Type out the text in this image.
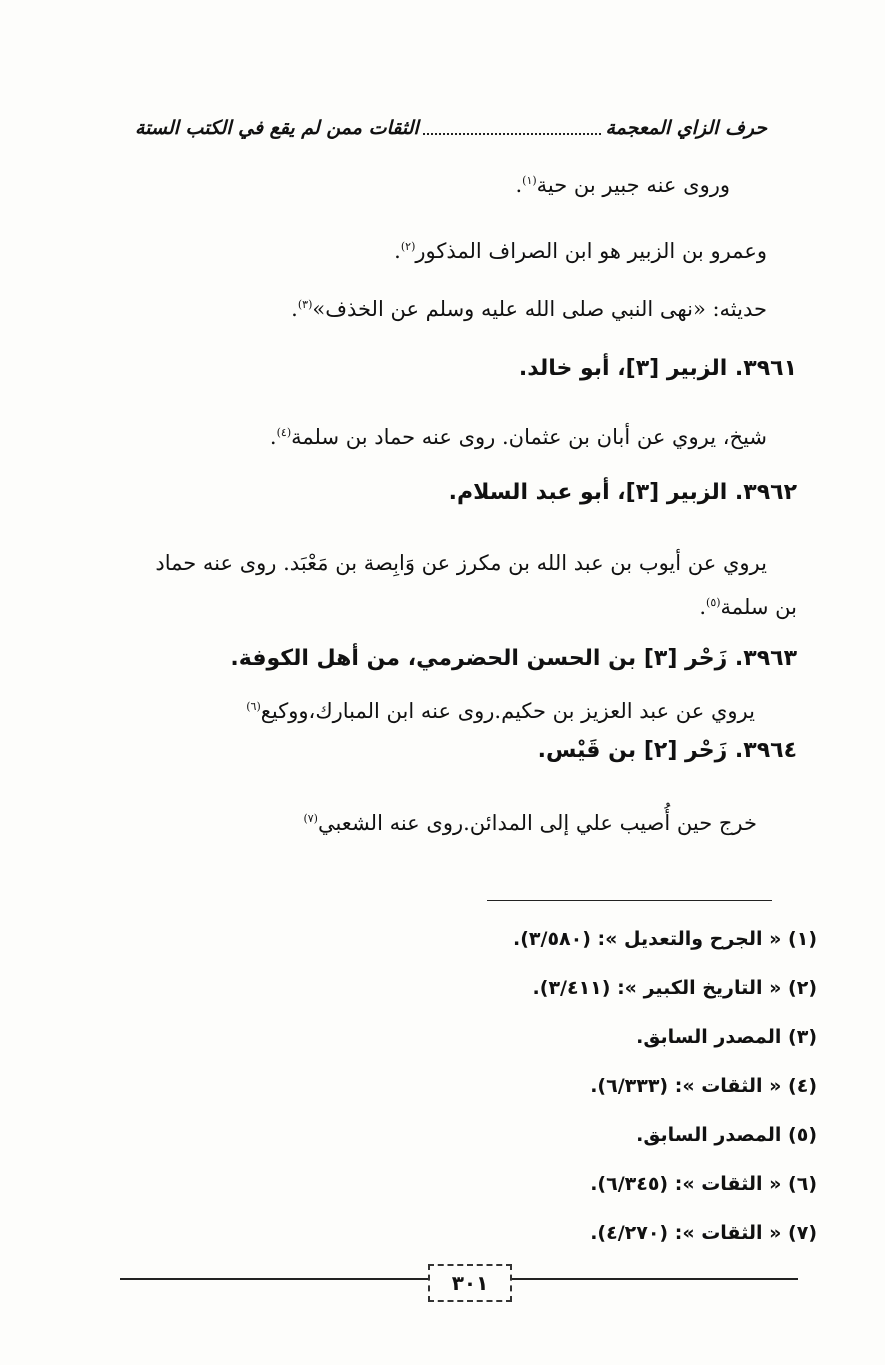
حرف الزاي المعجمة
الثقات ممن لم يقع في الكتب الستة
وروى عنه جبير بن حية$^{(١)}$.
وعمرو بن الزبير هو ابن الصراف المذكور$^{(٢)}$.
حديثه: «نهى النبي صلى الله عليه وسلم عن الخذف»$^{(٣)}$.
٣٩٦١. الزبير [٣]، أبو خالد.
شيخ، يروي عن أبان بن عثمان. روى عنه حماد بن سلمة$^{(٤)}$.
٣٩٦٢. الزبير [٣]، أبو عبد السلام.
يروي عن أيوب بن عبد الله بن مكرز عن وَابِصة بن مَعْبَد. روى عنه حماد
بن سلمة$^{(٥)}$.
٣٩٦٣. زَحْر [٣] بن الحسن الحضرمي، من أهل الكوفة.
يروي عن عبد العزيز بن حكيم.روى عنه ابن المبارك،ووكيع$^{(٦)}$
٣٩٦٤. زَحْر [٢] بن قَيْس.
خرج حين أُصيب علي إلى المدائن.روى عنه الشعبي$^{(٧)}$
(١) « الجرح والتعديل »: (٣/٥٨٠).
(٢) « التاريخ الكبير »: (٣/٤١١).
(٣) المصدر السابق.
(٤) « الثقات »: (٦/٣٣٣).
(٥) المصدر السابق.
(٦) « الثقات »: (٦/٣٤٥).
(٧) « الثقات »: (٤/٢٧٠).
٣٠١
